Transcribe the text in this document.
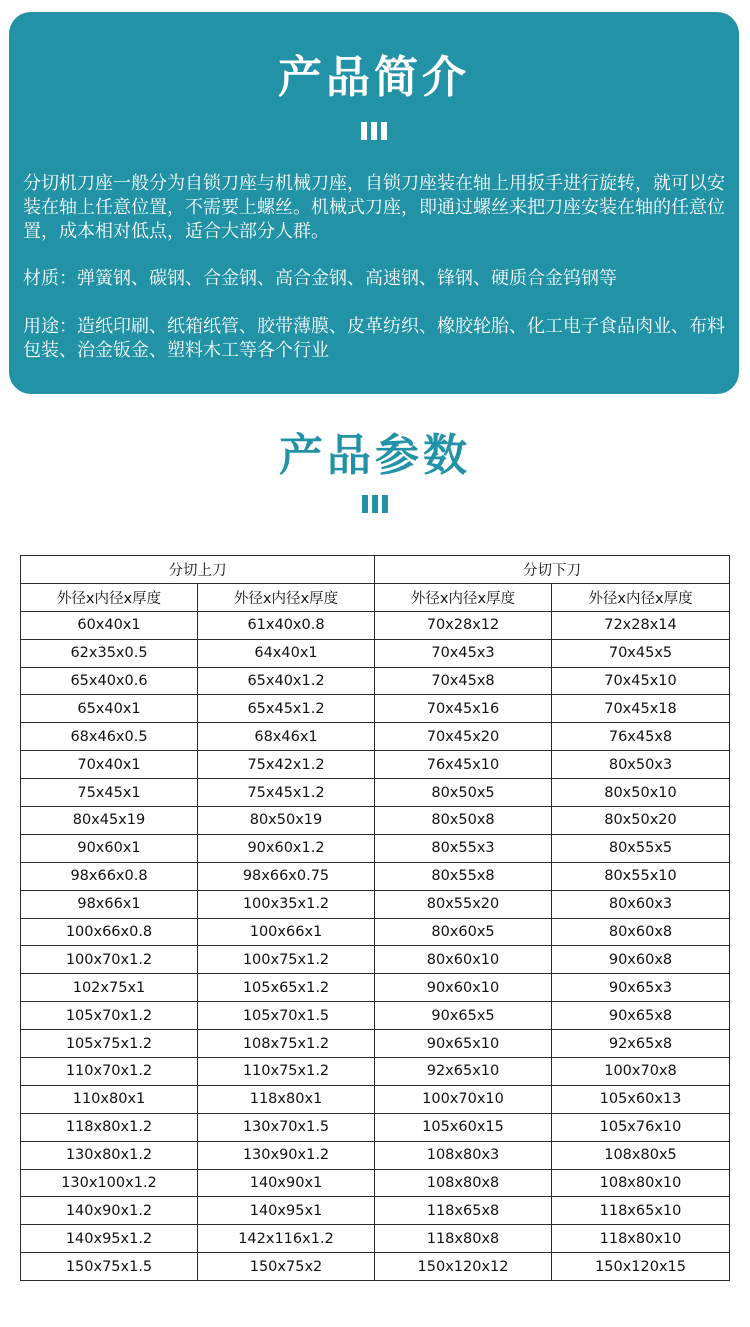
产品简介

分切机刀座一般分为自锁刀座与机械刀座，自锁刀座装在轴上用扳手进行旋转，就可以安装在轴上任意位置，不需要上螺丝。机械式刀座，即通过螺丝来把刀座安装在轴的任意位置，成本相对低点，适合大部分人群。

材质：弹簧钢、碳钢、合金钢、高合金钢、高速钢、锋钢、硬质合金钨钢等

用途：造纸印刷、纸箱纸管、胶带薄膜、皮革纺织、橡胶轮胎、化工电子食品肉业、布料包装、治金钣金、塑料木工等各个行业

产品参数
分切上刀		分切下刀	
外径x内径x厚度	外径x内径x厚度	外径x内径x厚度	外径x内径x厚度
60x40x1	61x40x0.8	70x28x12	72x28x14
62x35x0.5	64x40x1	70x45x3	70x45x5
65x40x0.6	65x40x1.2	70x45x8	70x45x10
65x40x1	65x45x1.2	70x45x16	70x45x18
68x46x0.5	68x46x1	70x45x20	76x45x8
70x40x1	75x42x1.2	76x45x10	80x50x3
75x45x1	75x45x1.2	80x50x5	80x50x10
80x45x19	80x50x19	80x50x8	80x50x20
90x60x1	90x60x1.2	80x55x3	80x55x5
98x66x0.8	98x66x0.75	80x55x8	80x55x10
98x66x1	100x35x1.2	80x55x20	80x60x3
100x66x0.8	100x66x1	80x60x5	80x60x8
100x70x1.2	100x75x1.2	80x60x10	90x60x8
102x75x1	105x65x1.2	90x60x10	90x65x3
105x70x1.2	105x70x1.5	90x65x5	90x65x8
105x75x1.2	108x75x1.2	90x65x10	92x65x8
110x70x1.2	110x75x1.2	92x65x10	100x70x8
110x80x1	118x80x1	100x70x10	105x60x13
118x80x1.2	130x70x1.5	105x60x15	105x76x10
130x80x1.2	130x90x1.2	108x80x3	108x80x5
130x100x1.2	140x90x1	108x80x8	108x80x10
140x90x1.2	140x95x1	118x65x8	118x65x10
140x95x1.2	142x116x1.2	118x80x8	118x80x10
150x75x1.5	150x75x2	150x120x12	150x120x15
